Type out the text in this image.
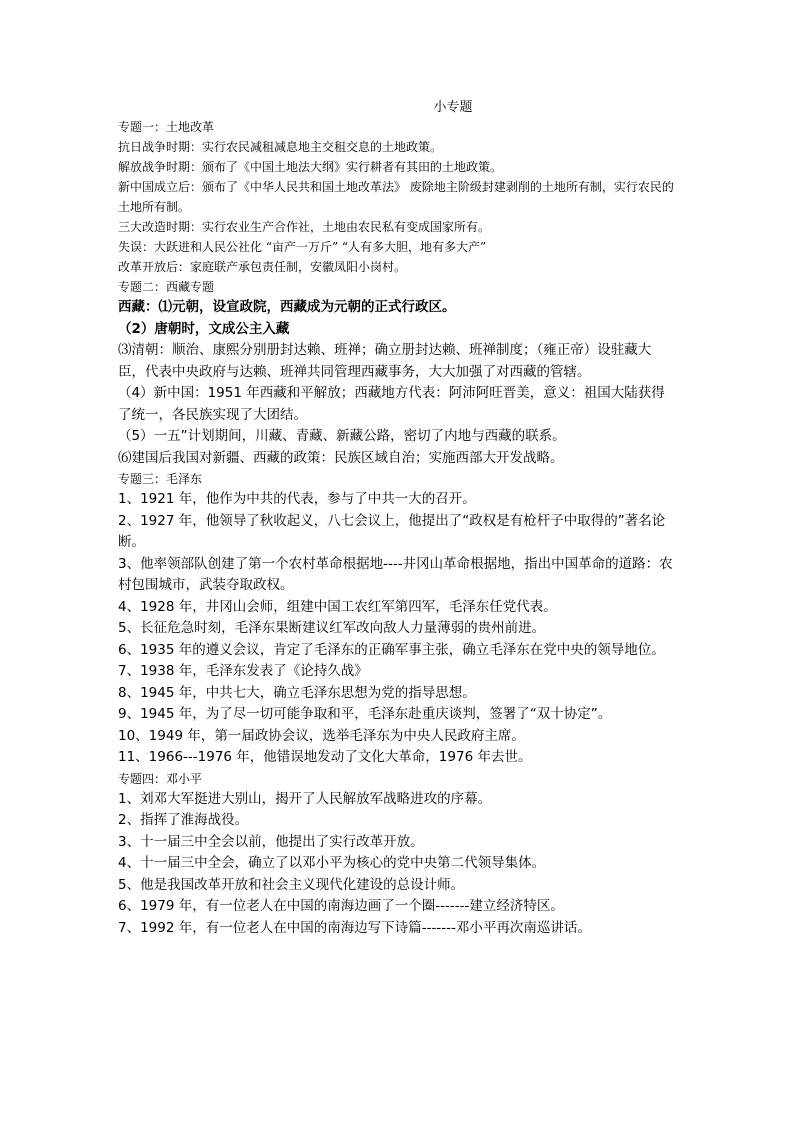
小专题
专题一：土地改革
抗日战争时期：实行农民减租减息地主交租交息的土地政策。
解放战争时期：颁布了《中国土地法大纲》实行耕者有其田的土地政策。
新中国成立后：颁布了《中华人民共和国土地改革法》 废除地主阶级封建剥削的土地所有制，实行农民的土地所有制。
三大改造时期：实行农业生产合作社，土地由农民私有变成国家所有。
失误：大跃进和人民公社化 “亩产一万斤” “人有多大胆，地有多大产”
改革开放后：家庭联产承包责任制，安徽凤阳小岗村。
专题二：西藏专题
西藏：⑴元朝，设宣政院，西藏成为元朝的正式行政区。
（2）唐朝时，文成公主入藏
⑶清朝：顺治、康熙分别册封达赖、班禅；确立册封达赖、班禅制度；（雍正帝）设驻藏大臣，代表中央政府与达赖、班禅共同管理西藏事务，大大加强了对西藏的管辖。
（4）新中国：1951 年西藏和平解放；西藏地方代表：阿沛阿旺晋美，意义：祖国大陆获得了统一，各民族实现了大团结。
（5）一五”计划期间，川藏、青藏、新藏公路，密切了内地与西藏的联系。
⑹建国后我国对新疆、西藏的政策：民族区域自治；实施西部大开发战略。
专题三：毛泽东
1、1921 年，他作为中共的代表，参与了中共一大的召开。
2、1927 年，他领导了秋收起义，八七会议上，他提出了“政权是有枪杆子中取得的”著名论断。
3、他率领部队创建了第一个农村革命根据地----井冈山革命根据地，指出中国革命的道路：农村包围城市，武装夺取政权。
4、1928 年，井冈山会师，组建中国工农红军第四军，毛泽东任党代表。
5、长征危急时刻，毛泽东果断建议红军改向敌人力量薄弱的贵州前进。
6、1935 年的遵义会议，肯定了毛泽东的正确军事主张，确立毛泽东在党中央的领导地位。
7、1938 年，毛泽东发表了《论持久战》
8、1945 年，中共七大，确立毛泽东思想为党的指导思想。
9、1945 年，为了尽一切可能争取和平，毛泽东赴重庆谈判，签署了“双十协定”。
10、1949 年，第一届政协会议，选举毛泽东为中央人民政府主席。
11、1966---1976 年，他错误地发动了文化大革命，1976 年去世。
专题四：邓小平
1、刘邓大军挺进大别山，揭开了人民解放军战略进攻的序幕。
2、指挥了淮海战役。
3、十一届三中全会以前，他提出了实行改革开放。
4、十一届三中全会，确立了以邓小平为核心的党中央第二代领导集体。
5、他是我国改革开放和社会主义现代化建设的总设计师。
6、1979 年，有一位老人在中国的南海边画了一个圈-------建立经济特区。
7、1992 年，有一位老人在中国的南海边写下诗篇-------邓小平再次南巡讲话。
